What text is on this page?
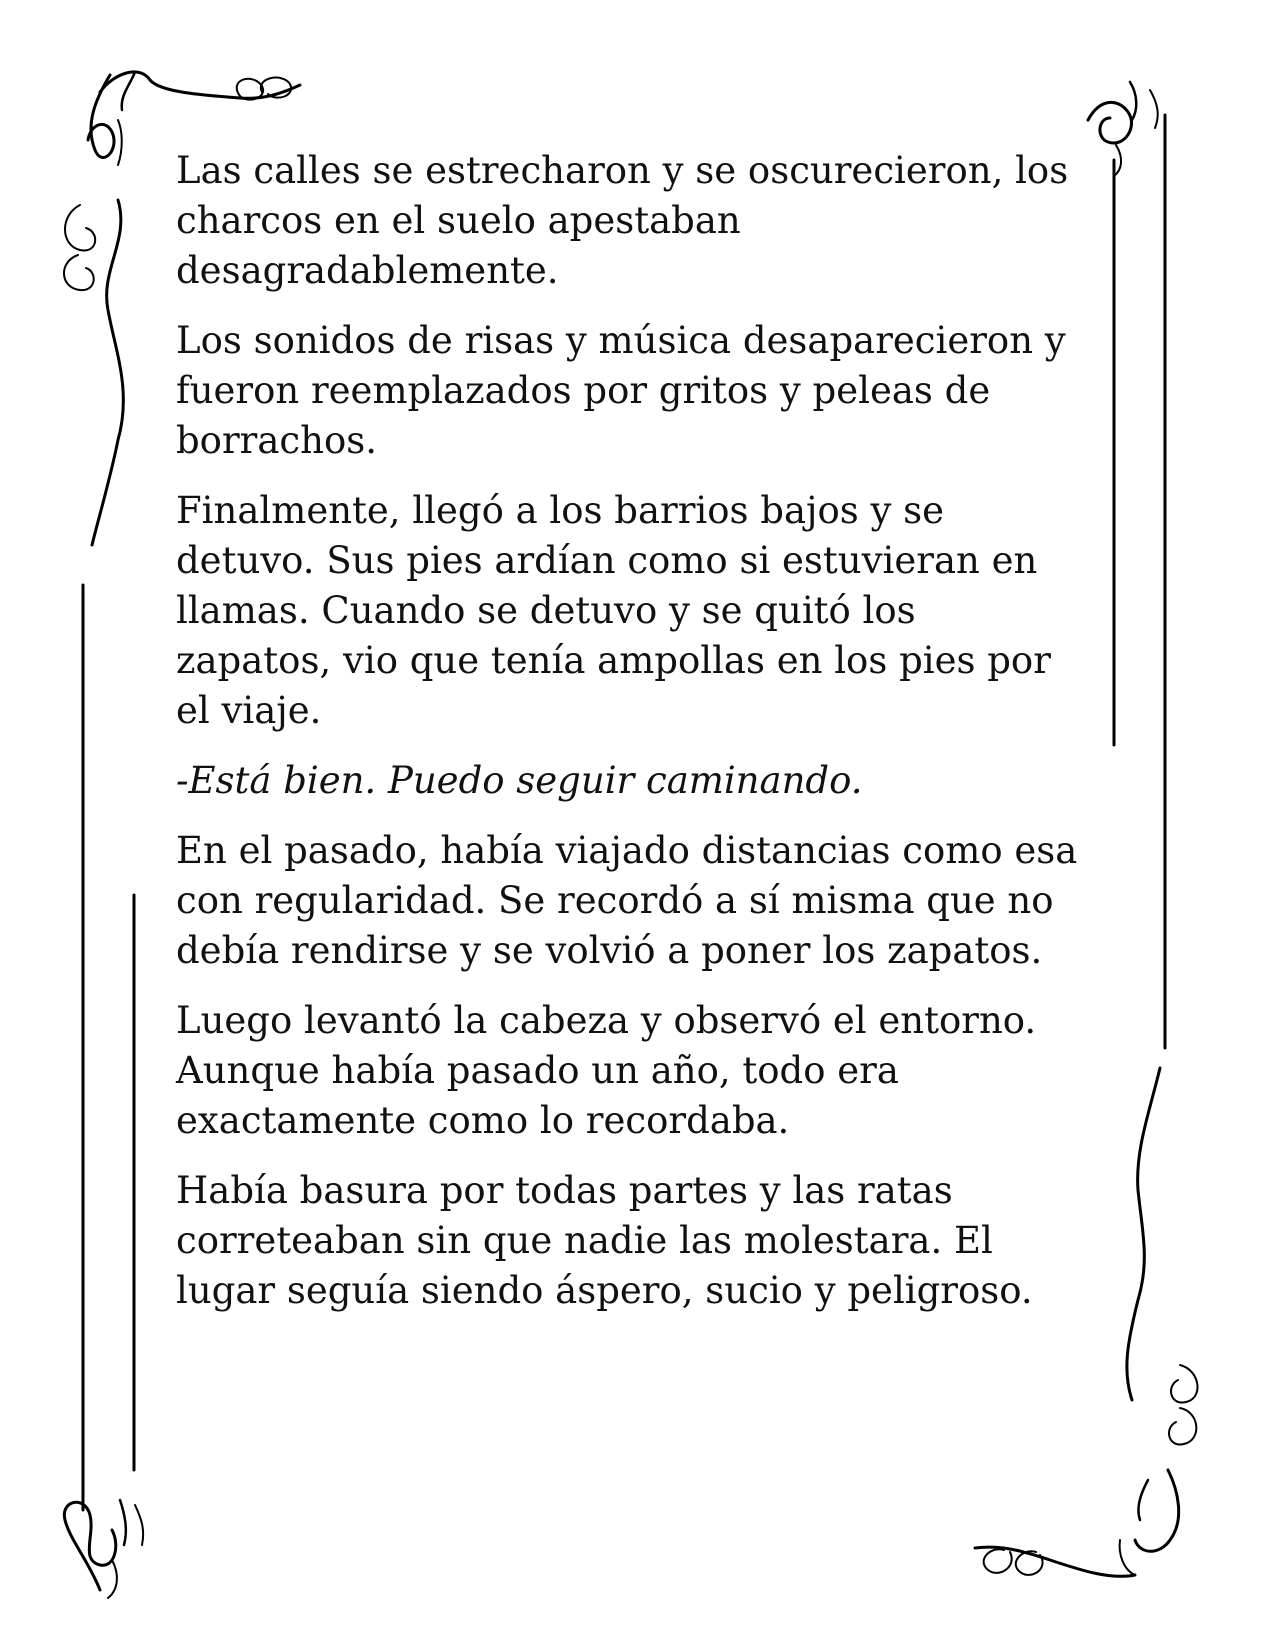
Las calles se estrecharon y se oscurecieron, los
charcos en el suelo apestaban
desagradablemente.

Los sonidos de risas y música desaparecieron y
fueron reemplazados por gritos y peleas de
borrachos.

Finalmente, llegó a los barrios bajos y se
detuvo. Sus pies ardían como si estuvieran en
llamas. Cuando se detuvo y se quitó los
zapatos, vio que tenía ampollas en los pies por
el viaje.

-Está bien. Puedo seguir caminando.

En el pasado, había viajado distancias como esa
con regularidad. Se recordó a sí misma que no
debía rendirse y se volvió a poner los zapatos.

Luego levantó la cabeza y observó el entorno.
Aunque había pasado un año, todo era
exactamente como lo recordaba.

Había basura por todas partes y las ratas
correteaban sin que nadie las molestara. El
lugar seguía siendo áspero, sucio y peligroso.
